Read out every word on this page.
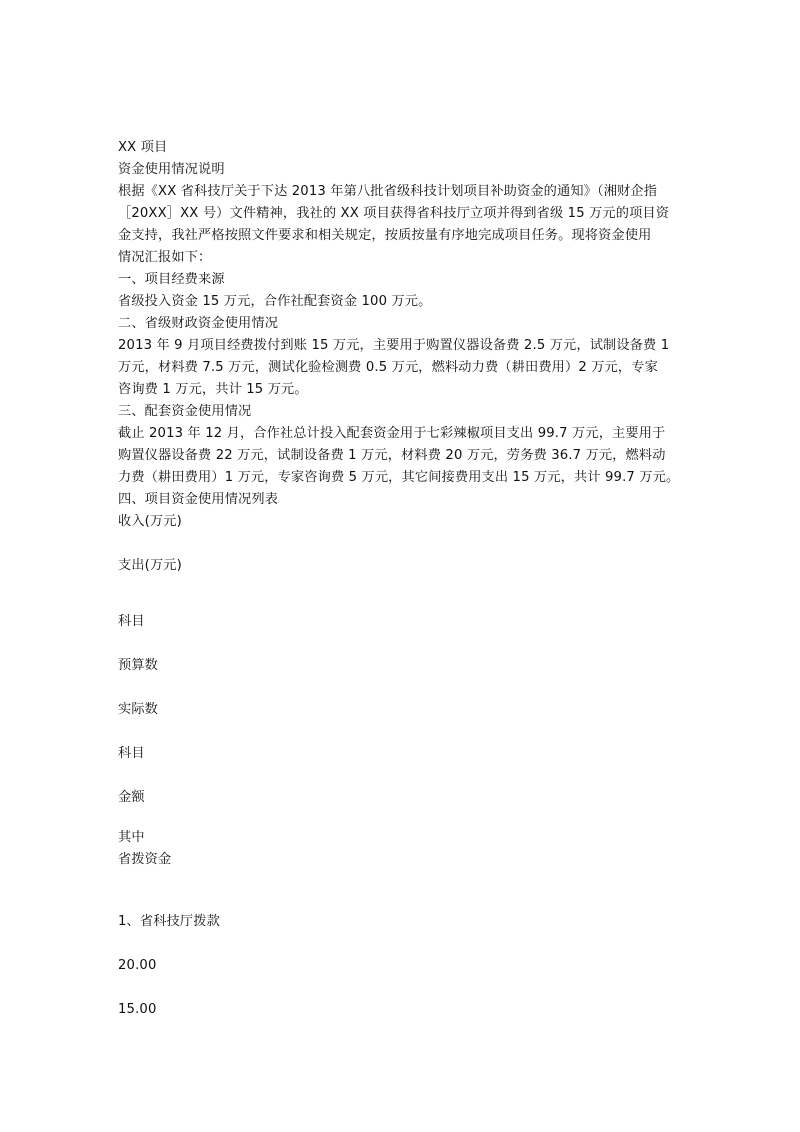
XX 项目
资金使用情况说明
根据《XX 省科技厅关于下达 2013 年第八批省级科技计划项目补助资金的通知》（湘财企指
［20XX］XX 号）文件精神，我社的 XX 项目获得省科技厅立项并得到省级 15 万元的项目资
金支持，我社严格按照文件要求和相关规定，按质按量有序地完成项目任务。现将资金使用
情况汇报如下：
一、项目经费来源
省级投入资金 15 万元，合作社配套资金 100 万元。
二、省级财政资金使用情况
2013 年 9 月项目经费拨付到账 15 万元，主要用于购置仪器设备费 2.5 万元，试制设备费 1
万元，材料费 7.5 万元，测试化验检测费 0.5 万元，燃料动力费（耕田费用）2 万元，专家
咨询费 1 万元，共计 15 万元。
三、配套资金使用情况
截止 2013 年 12 月，合作社总计投入配套资金用于七彩辣椒项目支出 99.7 万元，主要用于
购置仪器设备费 22 万元，试制设备费 1 万元，材料费 20 万元，劳务费 36.7 万元，燃料动
力费（耕田费用）1 万元，专家咨询费 5 万元，其它间接费用支出 15 万元，共计 99.7 万元。
四、项目资金使用情况列表
收入(万元)
支出(万元)
科目
预算数
实际数
科目
金额
其中
省拨资金
1、省科技厅拨款
20.00
15.00
